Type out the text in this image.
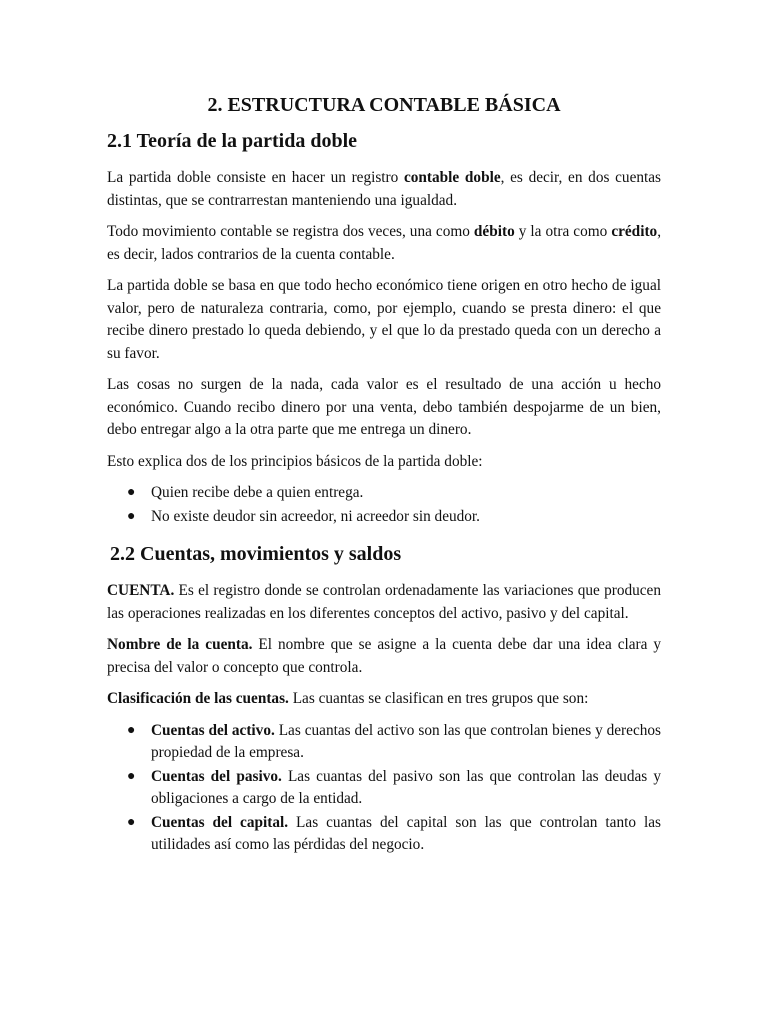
2. ESTRUCTURA CONTABLE BÁSICA
2.1 Teoría de la partida doble

La partida doble consiste en hacer un registro contable doble, es decir, en dos cuentas distintas, que se contrarrestan manteniendo una igualdad.

Todo movimiento contable se registra dos veces, una como débito y la otra como crédito, es decir, lados contrarios de la cuenta contable.

La partida doble se basa en que todo hecho económico tiene origen en otro hecho de igual valor, pero de naturaleza contraria, como, por ejemplo, cuando se presta dinero: el que recibe dinero prestado lo queda debiendo, y el que lo da prestado queda con un derecho a su favor.

Las cosas no surgen de la nada, cada valor es el resultado de una acción u hecho económico. Cuando recibo dinero por una venta, debo también despojarme de un bien, debo entregar algo a la otra parte que me entrega un dinero.

Esto explica dos de los principios básicos de la partida doble:

● Quien recibe debe a quien entrega.
● No existe deudor sin acreedor, ni acreedor sin deudor.
2.2 Cuentas, movimientos y saldos

CUENTA. Es el registro donde se controlan ordenadamente las variaciones que producen las operaciones realizadas en los diferentes conceptos del activo, pasivo y del capital.

Nombre de la cuenta. El nombre que se asigne a la cuenta debe dar una idea clara y precisa del valor o concepto que controla.

Clasificación de las cuentas. Las cuantas se clasifican en tres grupos que son:

● Cuentas del activo. Las cuantas del activo son las que controlan bienes y derechos propiedad de la empresa.
● Cuentas del pasivo. Las cuantas del pasivo son las que controlan las deudas y obligaciones a cargo de la entidad.
● Cuentas del capital. Las cuantas del capital son las que controlan tanto las utilidades así como las pérdidas del negocio.
